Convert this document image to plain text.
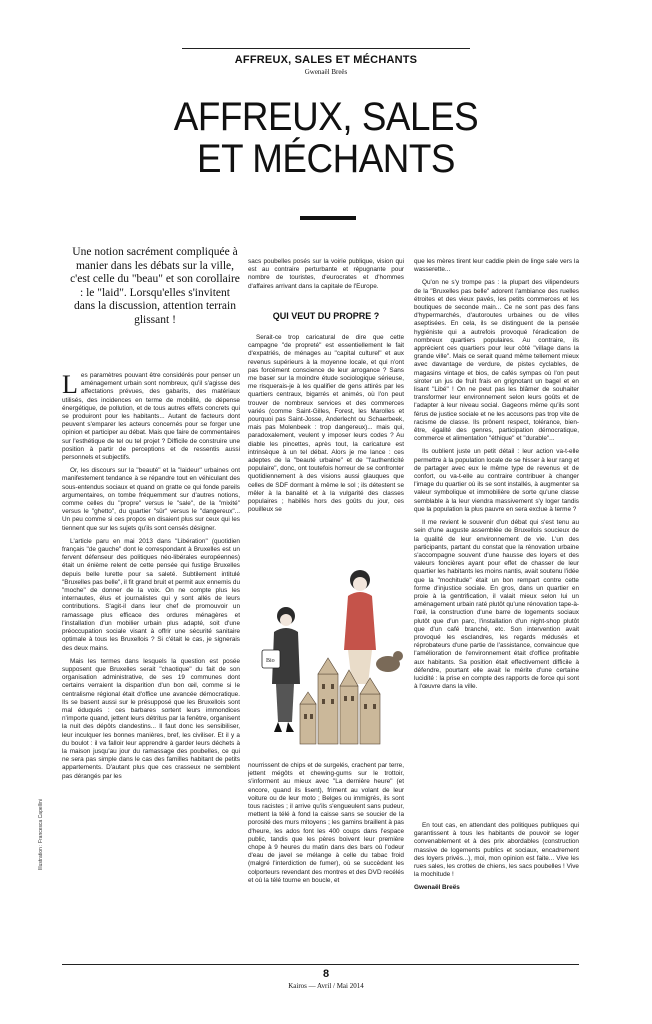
AFFREUX, SALES ET MÉCHANTS
Gwenaël Breës
AFFREUX, SALES
ET MÉCHANTS
Une notion sacrément compliquée à manier dans les débats sur la ville, c'est celle du "beau" et son corollaire : le "laid". Lorsqu'elles s'invitent dans la discussion, attention terrain glissant !
Illustration : Francesca Capellini

Les paramètres pouvant être considérés pour penser un aménagement urbain sont nombreux, qu'il s'agisse des affectations prévues, des gabarits, des matériaux utilisés, des incidences en terme de mobilité, de dépense énergétique, de pollution, et de tous autres effets concrets qui se produiront pour les habitants... Autant de facteurs dont peuvent s'emparer les acteurs concernés pour se forger une opinion et participer au débat. Mais que faire de commentaires sur l'esthétique de tel ou tel projet ? Difficile de construire une position à partir de perceptions et de ressentis aussi personnels et subjectifs.

Or, les discours sur la "beauté" et la "laideur" urbaines ont manifestement tendance à se répandre tout en véhiculant des sous-entendus sociaux et quand on gratte ce qui fonde pareils argumentaires, on tombe fréquemment sur d'autres notions, comme celles du "propre" versus le "sale", de la "mixité" versus le "ghetto", du quartier "sûr" versus le "dangereux"... Un peu comme si ces propos en disaient plus sur ceux qui les tiennent que sur les sujets qu'ils sont censés désigner.

L'article paru en mai 2013 dans "Libération" (quotidien français "de gauche" dont le correspondant à Bruxelles est un fervent défenseur des politiques néo-libérales européennes) était un énième relent de cette pensée qui fustige Bruxelles depuis belle lurette pour sa saleté. Subtilement intitulé "Bruxelles pas belle", il fit grand bruit et permit aux ennemis du "moche" de donner de la voix. On ne compte plus les internautes, élus et journalistes qui y sont allés de leurs contributions. S'agit-il dans leur chef de promouvoir un ramassage plus efficace des ordures ménagères et l'installation d'un mobilier urbain plus adapté, soit d'une préoccupation sociale visant à offrir une sécurité sanitaire optimale à tous les Bruxellois ? Si c'était le cas, je signerais des deux mains.

Mais les termes dans lesquels la question est posée supposent que Bruxelles serait "chaotique" du fait de son organisation administrative, de ses 19 communes dont certains verraient la disparition d'un bon œil, comme si le centralisme régional était d'office une avancée démocratique. Ils se basent aussi sur le présupposé que les Bruxellois sont mal éduqués : ces barbares sortent leurs immondices n'importe quand, jettent leurs détritus par la fenêtre, organisent la nuit des dépôts clandestins... Il faut donc les sensibiliser, leur inculquer les bonnes manières, bref, les civiliser. Et il y a du boulot : il va falloir leur apprendre à garder leurs déchets à la maison jusqu'au jour du ramassage des poubelles, ce qui ne sera pas simple dans le cas des familles habitant de petits appartements. D'autant plus que ces crasseux ne semblent pas dérangés par les

sacs poubelles posés sur la voirie publique, vision qui est au contraire perturbante et répugnante pour nombre de touristes, d'eurocrates et d'hommes d'affaires arrivant dans la capitale de l'Europe.

QUI VEUT DU PROPRE ?

Serait-ce trop caricatural de dire que cette campagne "de propreté" est essentiellement le fait d'expatriés, de ménages au "capital culturel" et aux revenus supérieurs à la moyenne locale, et qui n'ont pas forcément conscience de leur arrogance ? Sans me baser sur la moindre étude sociologique sérieuse, me risquerais-je à les qualifier de gens attirés par les quartiers centraux, bigarrés et animés, où l'on peut trouver de nombreux services et des commerces variés (comme Saint-Gilles, Forest, les Marolles et pourquoi pas Saint-Josse, Anderlecht ou Schaerbeek, mais pas Molenbeek : trop dangereux)... mais qui, paradoxalement, veulent y imposer leurs codes ? Au diable les pincettes, après tout, la caricature est intrinsèque à un tel débat. Alors je me lance : ces adeptes de la "beauté urbaine" et de "l'authenticité populaire", donc, ont toutefois horreur de se confronter quotidiennement à des visions aussi glauques que celles de SDF dormant à même le sol ; ils détestent se mêler à la banalité et à la vulgarité des classes populaires ; habillés hors des goûts du jour, ces pouilleux se

Bio

nourrissent de chips et de surgelés, crachent par terre, jettent mégôts et chewing-gums sur le trottoir, s'informent au mieux avec "La dernière heure" (et encore, quand ils lisent), friment au volant de leur voiture ou de leur moto ; Belges ou immigrés, ils sont tous racistes ; il arrive qu'ils s'engueulent sans pudeur, mettent la télé à fond la caisse sans se soucier de la porosité des murs mitoyens ; les gamins braillent à pas d'heure, les ados font les 400 coups dans l'espace public, tandis que les pères boivent leur première chope à 9 heures du matin dans des bars où l'odeur d'eau de javel se mélange à celle du tabac froid (malgré l'interdiction de fumer), où se succèdent les colporteurs revendant des montres et des DVD recélés et où la télé tourne en boucle, et

que les mères tirent leur caddie plein de linge sale vers la wasserette...

Qu'on ne s'y trompe pas : la plupart des vilipendeurs de la "Bruxelles pas belle" adorent l'ambiance des ruelles étroites et des vieux pavés, les petits commerces et les boutiques de seconde main... Ce ne sont pas des fans d'hypermarchés, d'autoroutes urbaines ou de villes aseptisées. En cela, ils se distinguent de la pensée hygiéniste qui a autrefois provoqué l'éradication de nombreux quartiers populaires. Au contraire, ils apprécient ces quartiers pour leur côté "village dans la grande ville". Mais ce serait quand même tellement mieux avec davantage de verdure, de pistes cyclables, de magasins vintage et bios, de cafés sympas où l'on peut siroter un jus de fruit frais en grignotant un bagel et en lisant "Libé" ! On ne peut pas les blâmer de souhaiter transformer leur environnement selon leurs goûts et de l'adapter à leur niveau social. Gageons même qu'ils sont férus de justice sociale et ne les accusons pas trop vite de racisme de classe. Ils prônent respect, tolérance, bien-être, égalité des genres, participation démocratique, commerce et alimentation "éthique" et "durable"...

Ils oublient juste un petit détail : leur action va-t-elle permettre à la population locale de se hisser à leur rang et de partager avec eux le même type de revenus et de confort, ou va-t-elle au contraire contribuer à changer l'image du quartier où ils se sont installés, à augmenter sa valeur symbolique et immobilière de sorte qu'une classe semblable à la leur viendra massivement s'y loger tandis que la population la plus pauvre en sera exclue à terme ?

Il me revient le souvenir d'un débat qui s'est tenu au sein d'une auguste assemblée de Bruxellois soucieux de la qualité de leur environnement de vie. L'un des participants, partant du constat que la rénovation urbaine s'accompagne souvent d'une hausse des loyers et des valeurs foncières ayant pour effet de chasser de leur quartier les habitants les moins nantis, avait soutenu l'idée que la "mochitude" était un bon rempart contre cette forme d'injustice sociale. En gros, dans un quartier en proie à la gentrification, il valait mieux selon lui un aménagement urbain raté plutôt qu'une rénovation tape-à-l'œil, la construction d'une barre de logements sociaux plutôt que d'un parc, l'installation d'un night-shop plutôt que d'un café branché, etc. Son intervention avait provoqué les esclandres, les regards médusés et réprobateurs d'une partie de l'assistance, convaincue que l'amélioration de l'environnement était d'office profitable aux habitants. Sa position était effectivement difficile à défendre, pourtant elle avait le mérite d'une certaine lucidité : la prise en compte des rapports de force qui sont à l'œuvre dans la ville.

En tout cas, en attendant des politiques publiques qui garantissent à tous les habitants de pouvoir se loger convenablement et à des prix abordables (construction massive de logements publics et sociaux, encadrement des loyers privés...), moi, mon opinion est faite... Vive les rues sales, les crottes de chiens, les sacs poubelles ! Vive la mochitude !

Gwenaël Breës

8
Kairos — Avril / Mai 2014
